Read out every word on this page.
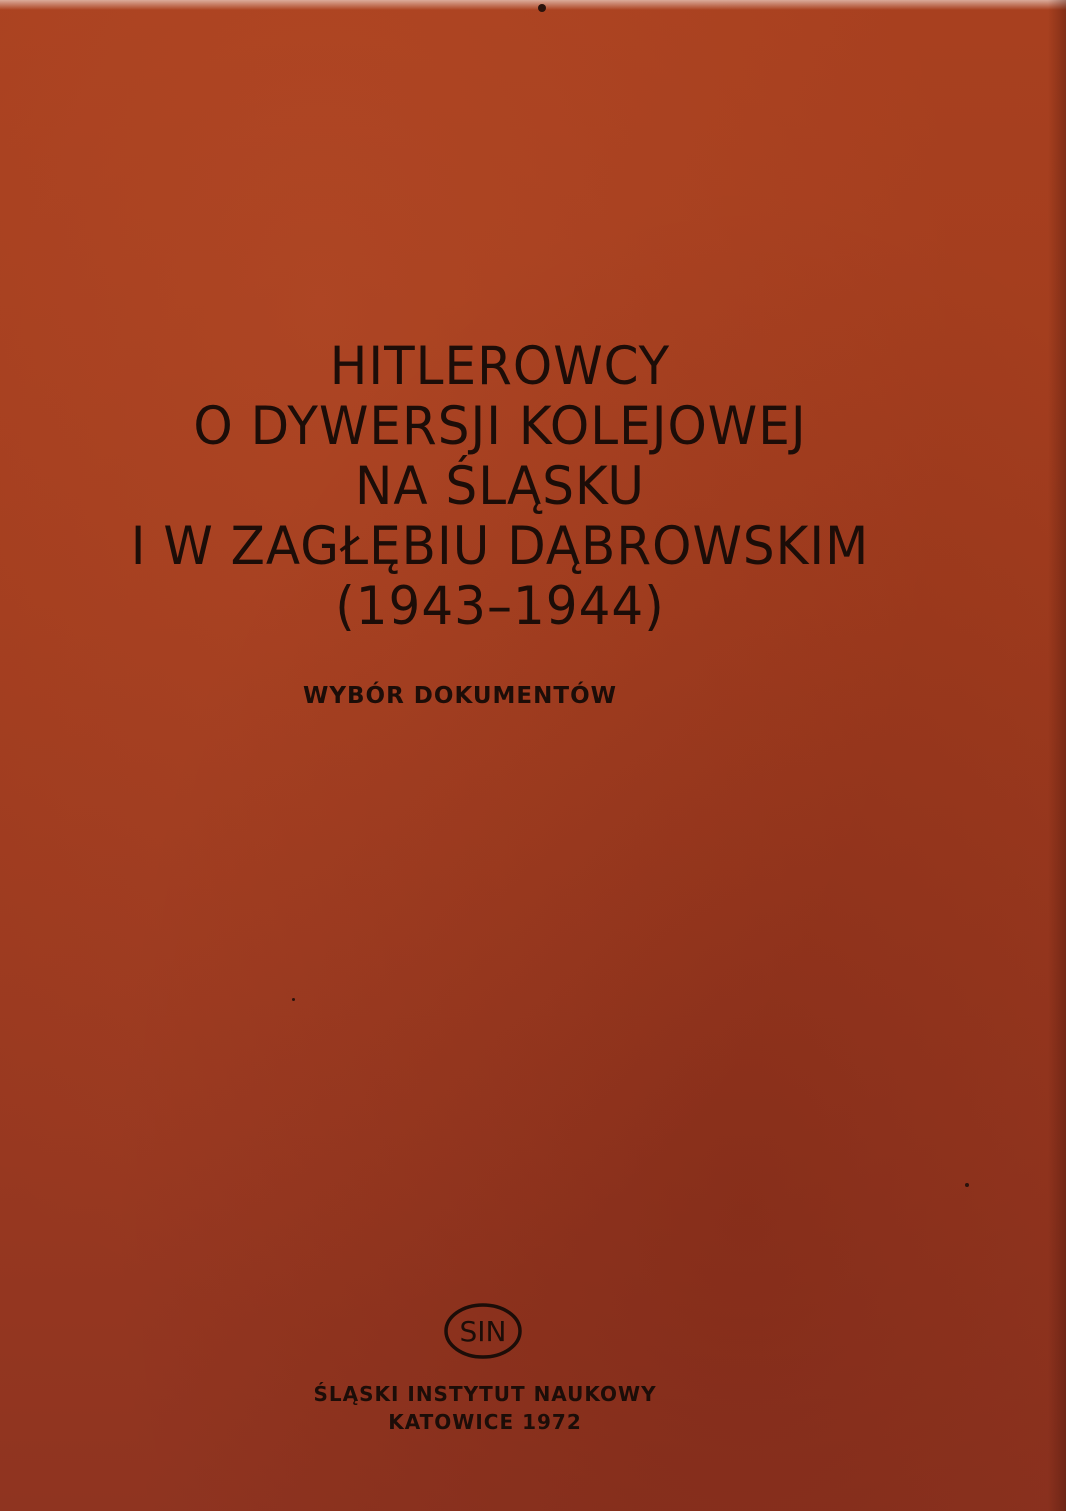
HITLEROWCY
O DYWERSJI KOLEJOWEJ
NA ŚLĄSKU
I W ZAGŁĘBIU DĄBROWSKIM
(1943–1944)
WYBÓR DOKUMENTÓW
SIN
ŚLĄSKI INSTYTUT NAUKOWY
KATOWICE 1972
